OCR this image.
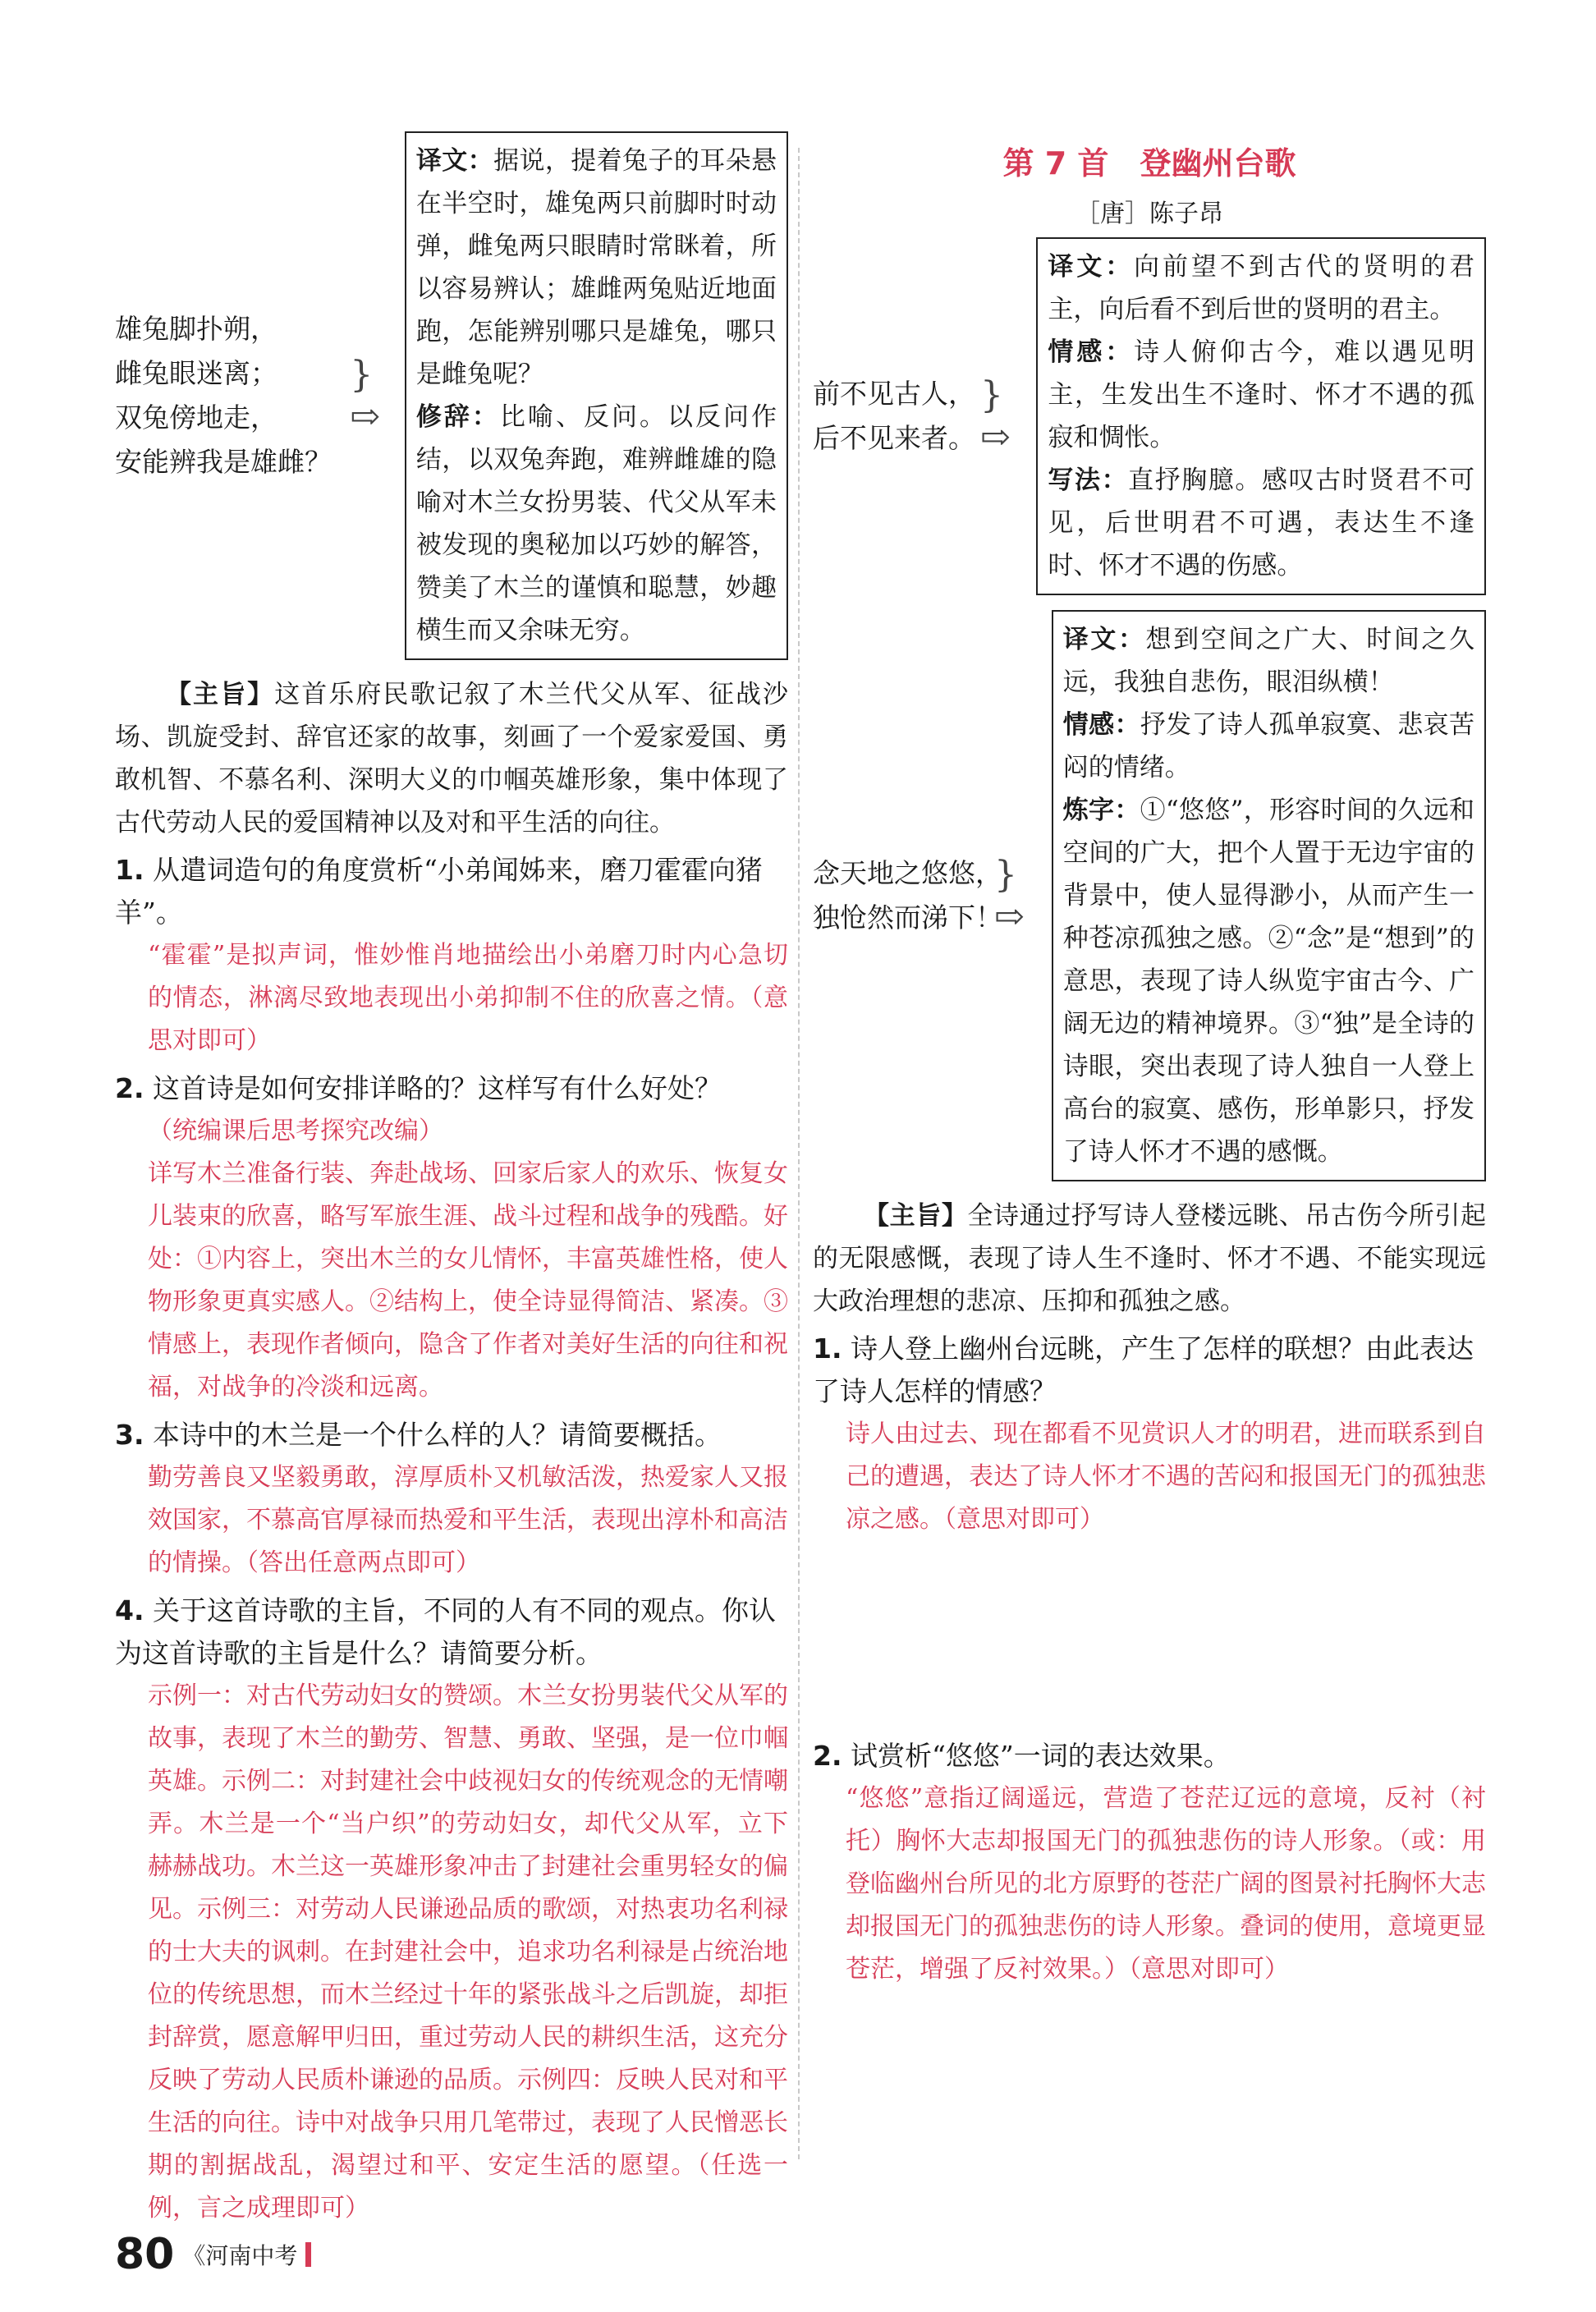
雄兔脚扑朔，
雌兔眼迷离；
双兔傍地走，
安能辨我是雄雌？
}⇨
译文：据说，提着兔子的耳朵悬在半空时，雄兔两只前脚时时动弹，雌兔两只眼睛时常眯着，所以容易辨认；雄雌两兔贴近地面跑，怎能辨别哪只是雄兔，哪只是雌兔呢？
修辞：比喻、反问。以反问作结，以双兔奔跑，难辨雌雄的隐喻对木兰女扮男装、代父从军未被发现的奥秘加以巧妙的解答，赞美了木兰的谨慎和聪慧，妙趣横生而又余味无穷。
【主旨】这首乐府民歌记叙了木兰代父从军、征战沙场、凯旋受封、辞官还家的故事，刻画了一个爱家爱国、勇敢机智、不慕名利、深明大义的巾帼英雄形象，集中体现了古代劳动人民的爱国精神以及对和平生活的向往。
1. 从遣词造句的角度赏析“小弟闻姊来，磨刀霍霍向猪羊”。
“霍霍”是拟声词，惟妙惟肖地描绘出小弟磨刀时内心急切的情态，淋漓尽致地表现出小弟抑制不住的欣喜之情。（意思对即可）
2. 这首诗是如何安排详略的？这样写有什么好处？
（统编课后思考探究改编）
详写木兰准备行装、奔赴战场、回家后家人的欢乐、恢复女儿装束的欣喜，略写军旅生涯、战斗过程和战争的残酷。好处：①内容上，突出木兰的女儿情怀，丰富英雄性格，使人物形象更真实感人。②结构上，使全诗显得简洁、紧凑。③情感上，表现作者倾向，隐含了作者对美好生活的向往和祝福，对战争的冷淡和远离。
3. 本诗中的木兰是一个什么样的人？请简要概括。
勤劳善良又坚毅勇敢，淳厚质朴又机敏活泼，热爱家人又报效国家，不慕高官厚禄而热爱和平生活，表现出淳朴和高洁的情操。（答出任意两点即可）
4. 关于这首诗歌的主旨，不同的人有不同的观点。你认为这首诗歌的主旨是什么？请简要分析。
示例一：对古代劳动妇女的赞颂。木兰女扮男装代父从军的故事，表现了木兰的勤劳、智慧、勇敢、坚强，是一位巾帼英雄。示例二：对封建社会中歧视妇女的传统观念的无情嘲弄。木兰是一个“当户织”的劳动妇女，却代父从军，立下赫赫战功。木兰这一英雄形象冲击了封建社会重男轻女的偏见。示例三：对劳动人民谦逊品质的歌颂，对热衷功名利禄的士大夫的讽刺。在封建社会中，追求功名利禄是占统治地位的传统思想，而木兰经过十年的紧张战斗之后凯旋，却拒封辞赏，愿意解甲归田，重过劳动人民的耕织生活，这充分反映了劳动人民质朴谦逊的品质。示例四：反映人民对和平生活的向往。诗中对战争只用几笔带过，表现了人民憎恶长期的割据战乱，渴望过和平、安定生活的愿望。（任选一例，言之成理即可）
第 7 首　登幽州台歌
［唐］陈子昂
前不见古人，
后不见来者。
}⇨
译文：向前望不到古代的贤明的君主，向后看不到后世的贤明的君主。
情感：诗人俯仰古今，难以遇见明主，生发出生不逢时、怀才不遇的孤寂和惆怅。
写法：直抒胸臆。感叹古时贤君不可见，后世明君不可遇，表达生不逢时、怀才不遇的伤感。
念天地之悠悠，
独怆然而涕下！
}⇨
译文：想到空间之广大、时间之久远，我独自悲伤，眼泪纵横！
情感：抒发了诗人孤单寂寞、悲哀苦闷的情绪。
炼字：①“悠悠”，形容时间的久远和空间的广大，把个人置于无边宇宙的背景中，使人显得渺小，从而产生一种苍凉孤独之感。②“念”是“想到”的意思，表现了诗人纵览宇宙古今、广阔无边的精神境界。③“独”是全诗的诗眼，突出表现了诗人独自一人登上高台的寂寞、感伤，形单影只，抒发了诗人怀才不遇的感慨。
【主旨】全诗通过抒写诗人登楼远眺、吊古伤今所引起的无限感慨，表现了诗人生不逢时、怀才不遇、不能实现远大政治理想的悲凉、压抑和孤独之感。
1. 诗人登上幽州台远眺，产生了怎样的联想？由此表达了诗人怎样的情感？
诗人由过去、现在都看不见赏识人才的明君，进而联系到自己的遭遇，表达了诗人怀才不遇的苦闷和报国无门的孤独悲凉之感。（意思对即可）
2. 试赏析“悠悠”一词的表达效果。
“悠悠”意指辽阔遥远，营造了苍茫辽远的意境，反衬（衬托）胸怀大志却报国无门的孤独悲伤的诗人形象。（或：用登临幽州台所见的北方原野的苍茫广阔的图景衬托胸怀大志却报国无门的孤独悲伤的诗人形象。叠词的使用，意境更显苍茫，增强了反衬效果。）（意思对即可）
80 《河南中考
